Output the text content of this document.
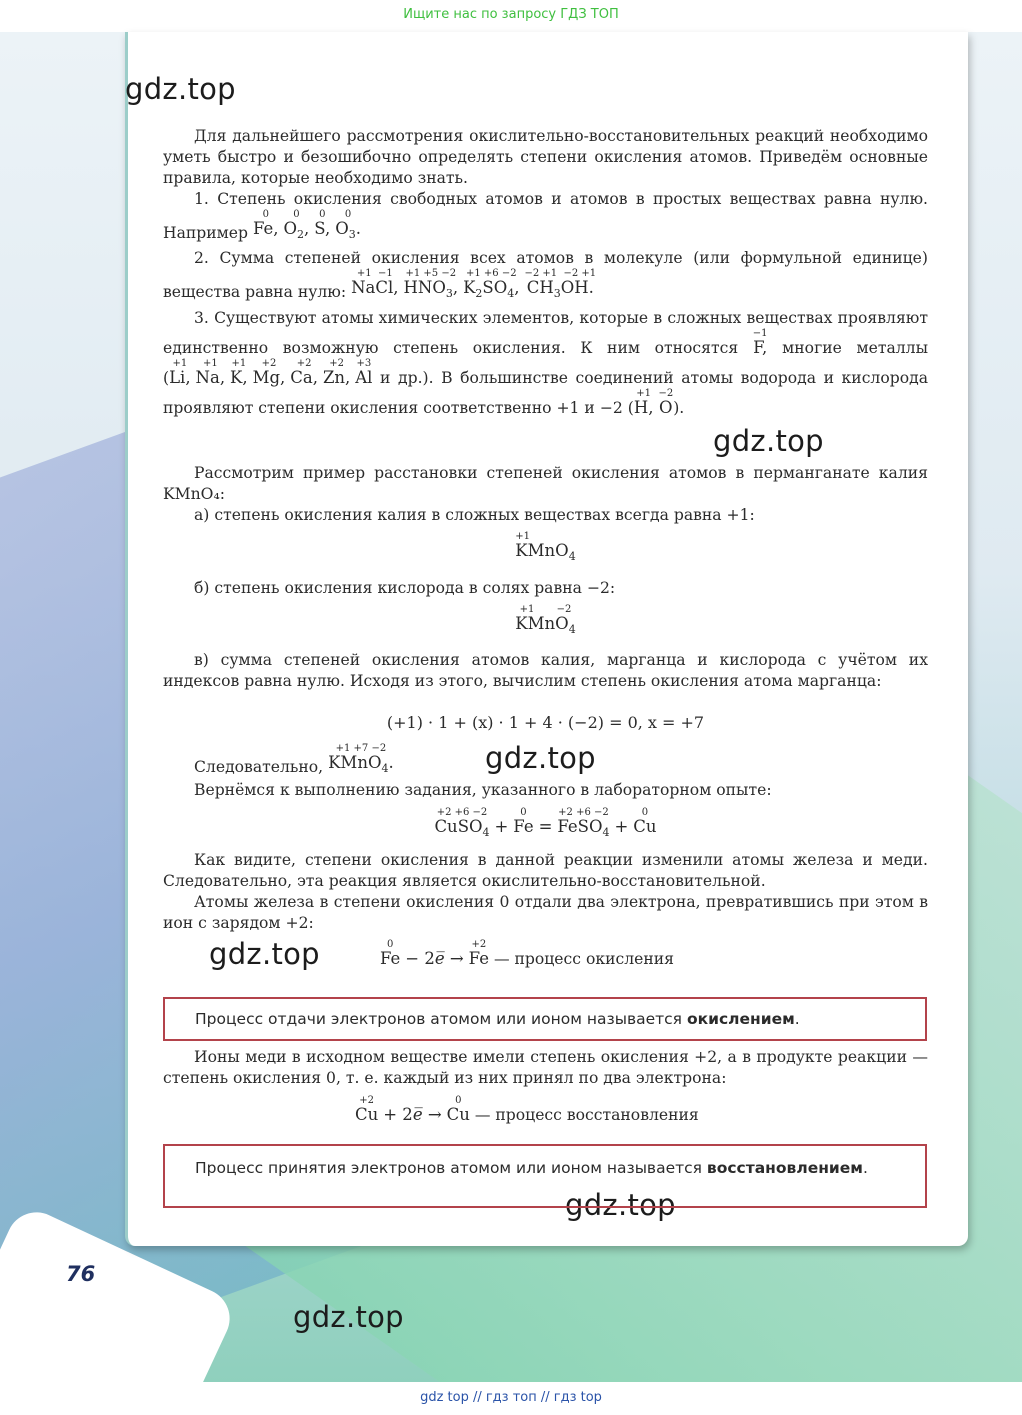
Ищите нас по запросу ГДЗ ТОП
gdz.top
gdz.top
gdz.top
gdz.top
gdz.top
gdz.top
Для дальнейшего рассмотрения окислительно-восстановительных реакций необходимо уметь быстро и безошибочно определять степени окисления атомов. Приведём основные правила, которые необходимо знать.
1. Степень окисления свободных атомов и атомов в простых веществах равна нулю. Например
0
Fe,

0
$O_2$,

0
S,

0
$O_3$.
2. Сумма степеней окисления всех атомов в молекуле (или формульной единице) вещества равна нулю:
+1  −1
NaCl,

+1 +5 −2
$HNO_3$,

+1 +6 −2
$K_2SO_4$,

−2 +1  −2 +1
$CH_3OH$.
3. Существуют атомы химических элементов, которые в сложных веществах проявляют единственно возможную степень окисления. К ним относятся
−1
F, многие металлы (
+1
Li,

+1
Na,

+1
K,

+2
Mg,

+2
Ca,

+2
Zn,

+3
Al и др.). В большинстве соединений атомы водорода и кислорода проявляют степени окисления соответственно +1 и −2 (
+1
H,

−2
O ).
Рассмотрим пример расстановки степеней окисления атомов в перманганате калия KMnO₄:
а) степень окисления калия в сложных веществах всегда равна +1:
+1
KMnO$_4$
б) степень окисления кислорода в солях равна −2:
+1       −2
KMnO$_4$
в) сумма степеней окисления атомов калия, марганца и кислорода с учётом их индексов равна нулю. Исходя из этого, вычислим степень окисления атома марганца:
(+1) · 1 + (x) · 1 + 4 · (−2) = 0, x = +7
Следовательно,
+1 +7 −2
KMnO$_4$.
Вернёмся к выполнению задания, указанного в лабораторном опыте:
+2 +6 −2
CuSO$_4$

+

0
Fe

=

+2 +6 −2
FeSO$_4$

+

0
Cu
Как видите, степени окисления в данной реакции изменили атомы железа и меди. Следовательно, эта реакция является окислительно-восстановительной.
Атомы железа в степени окисления 0 отдали два электрона, превратившись при этом в ион с зарядом +2:
0
Fe

− 2e̅ →

+2
Fe — процесс окисления
Процесс отдачи электронов атомом или ионом называется окислением.
Ионы меди в исходном веществе имели степень окисления +2, а в продукте реакции — степень окисления 0, т. е. каждый из них принял по два электрона:
+2
Cu

+ 2e̅ →

0
Cu — процесс восстановления
Процесс принятия электронов атомом или ионом называется восстановлением.
76
gdz top // гдз топ // гдз top
